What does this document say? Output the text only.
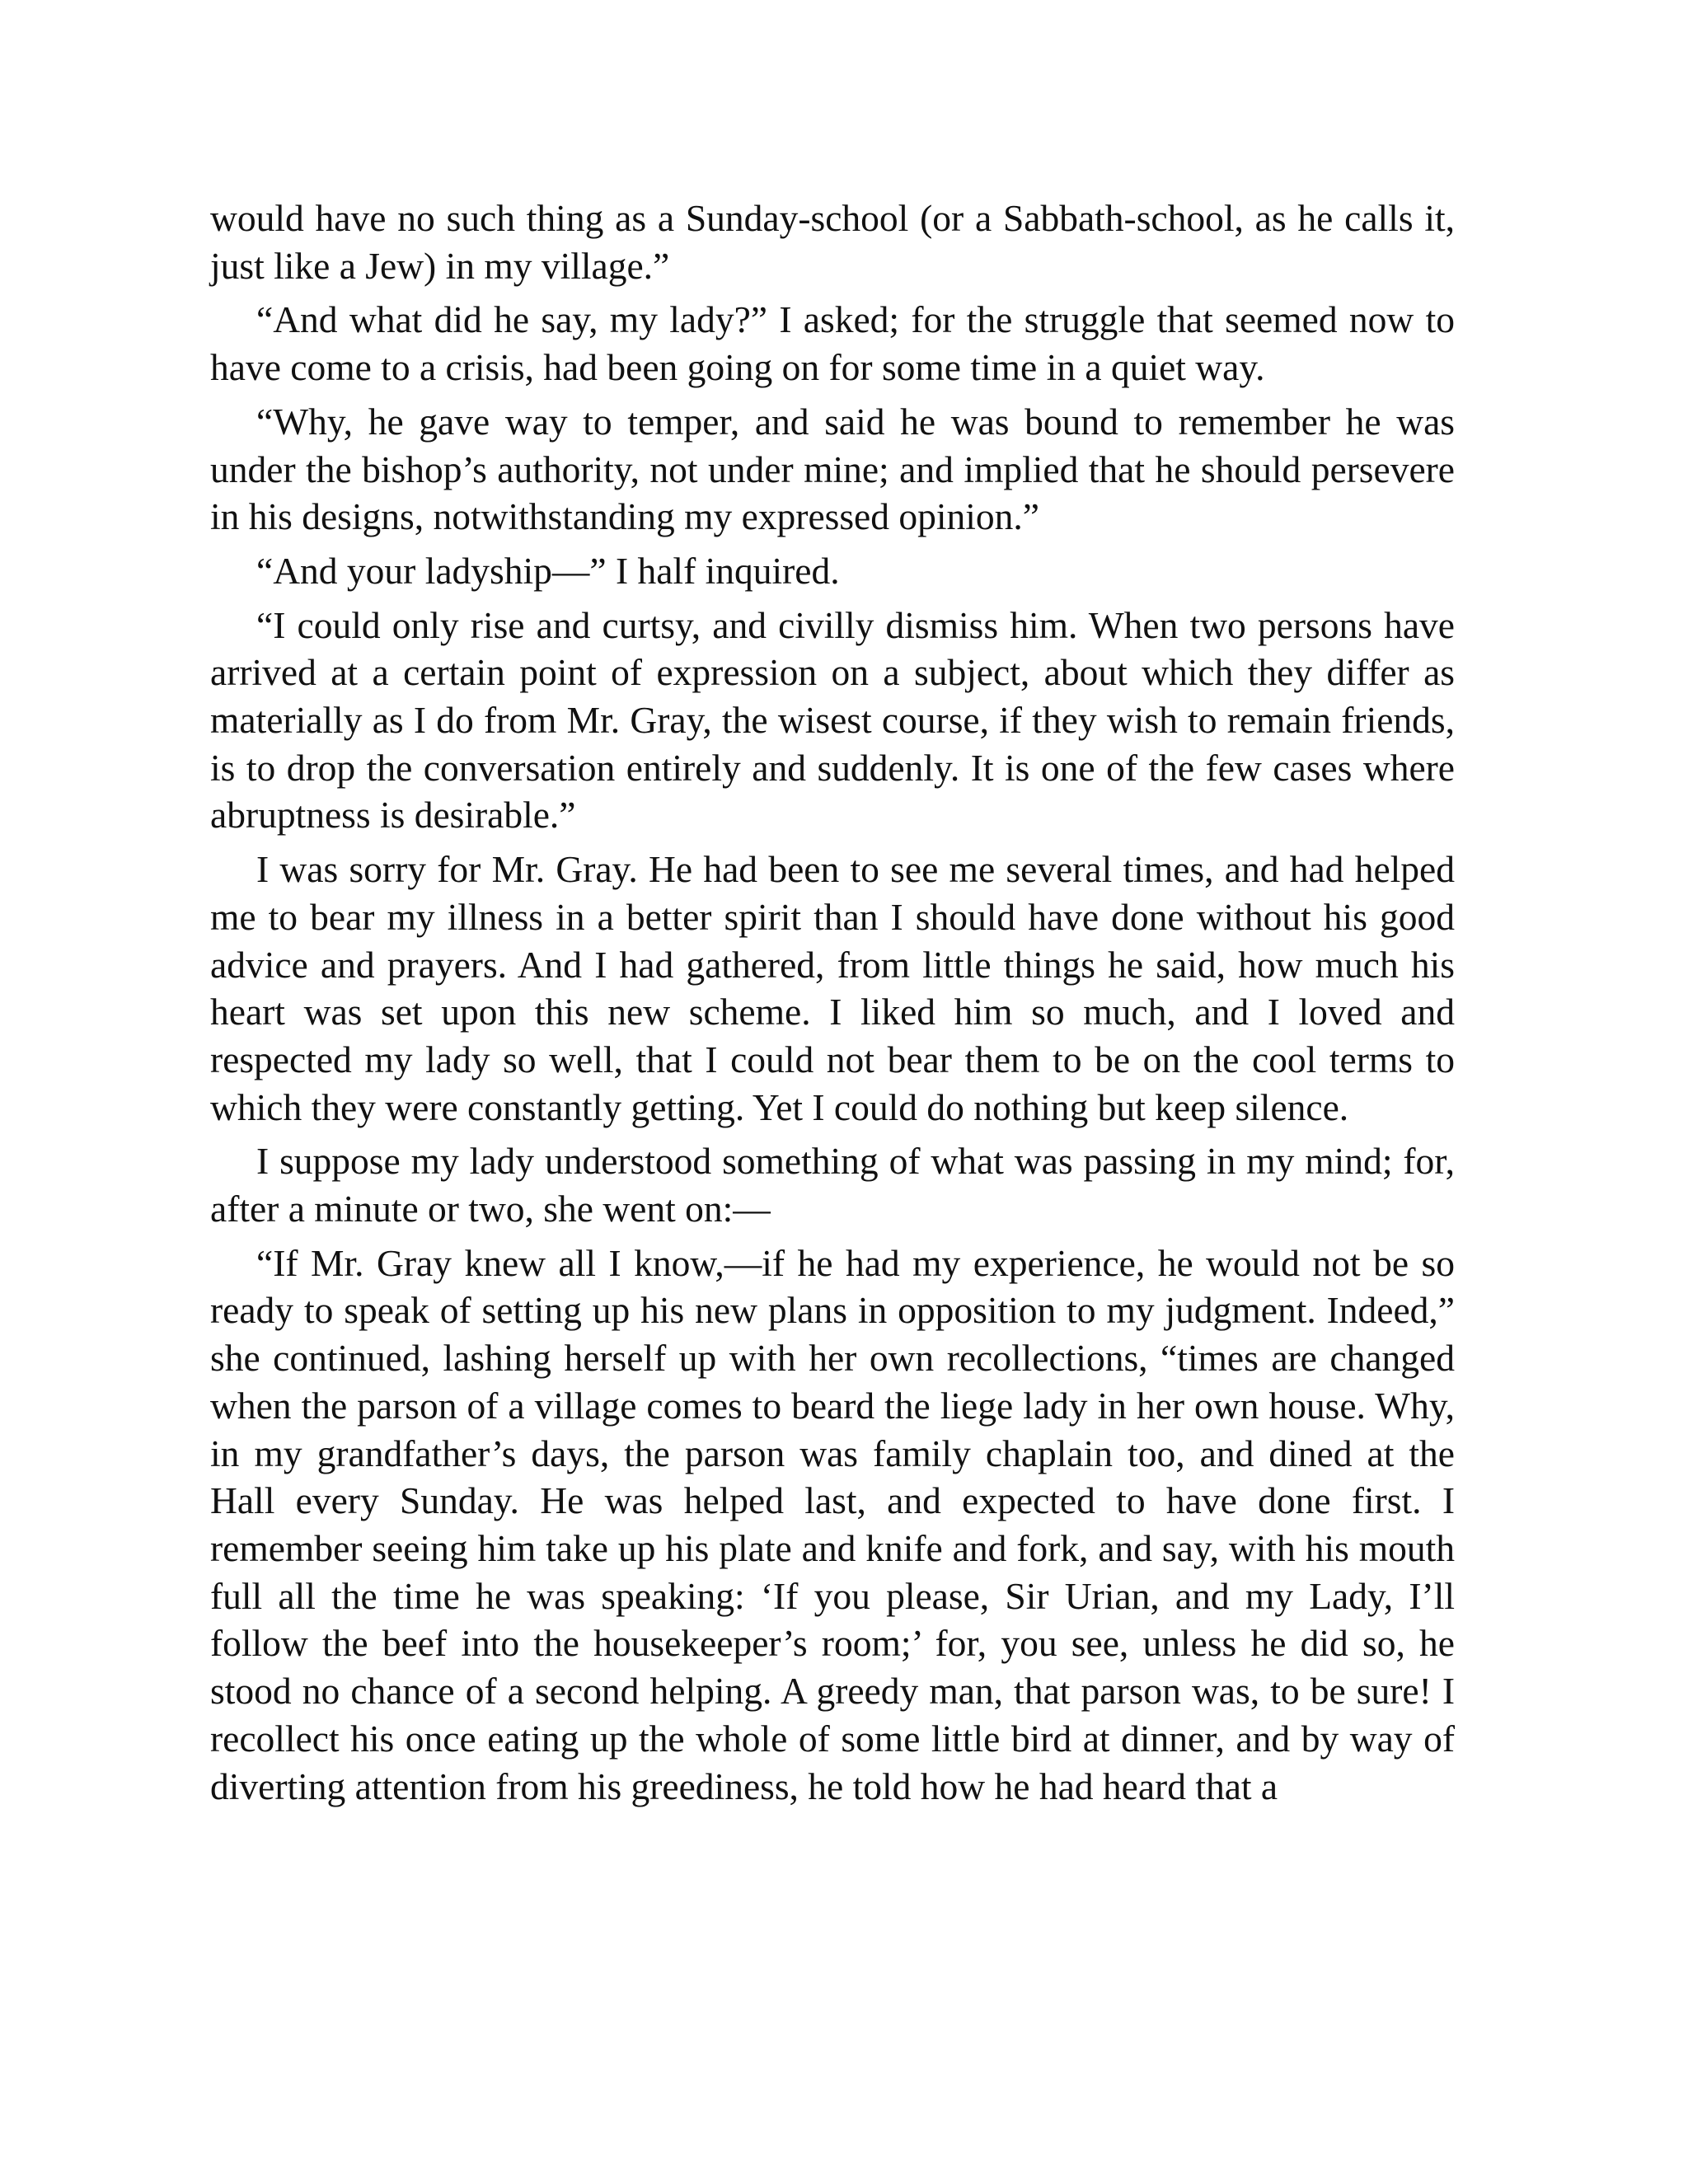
would have no such thing as a Sunday-school (or a Sabbath-school, as he calls it, just like a Jew) in my village.”

“And what did he say, my lady?” I asked; for the struggle that seemed now to have come to a crisis, had been going on for some time in a quiet way.

“Why, he gave way to temper, and said he was bound to remember he was under the bishop’s authority, not under mine; and implied that he should persevere in his designs, notwithstanding my expressed opinion.”

“And your ladyship—” I half inquired.

“I could only rise and curtsy, and civilly dismiss him. When two persons have arrived at a certain point of expression on a subject, about which they differ as materially as I do from Mr. Gray, the wisest course, if they wish to remain friends, is to drop the conversation entirely and suddenly. It is one of the few cases where abruptness is desirable.”

I was sorry for Mr. Gray. He had been to see me several times, and had helped me to bear my illness in a better spirit than I should have done without his good advice and prayers. And I had gathered, from little things he said, how much his heart was set upon this new scheme. I liked him so much, and I loved and respected my lady so well, that I could not bear them to be on the cool terms to which they were constantly getting. Yet I could do nothing but keep silence.

I suppose my lady understood something of what was passing in my mind; for, after a minute or two, she went on:—

“If Mr. Gray knew all I know,—if he had my experience, he would not be so ready to speak of setting up his new plans in opposition to my judgment. Indeed,” she continued, lashing herself up with her own recollections, “times are changed when the parson of a village comes to beard the liege lady in her own house. Why, in my grandfather’s days, the parson was family chaplain too, and dined at the Hall every Sunday. He was helped last, and expected to have done first. I remember seeing him take up his plate and knife and fork, and say, with his mouth full all the time he was speaking: ‘If you please, Sir Urian, and my Lady, I’ll follow the beef into the housekeeper’s room;’ for, you see, unless he did so, he stood no chance of a second helping. A greedy man, that parson was, to be sure! I recollect his once eating up the whole of some little bird at dinner, and by way of diverting attention from his greediness, he told how he had heard that a
